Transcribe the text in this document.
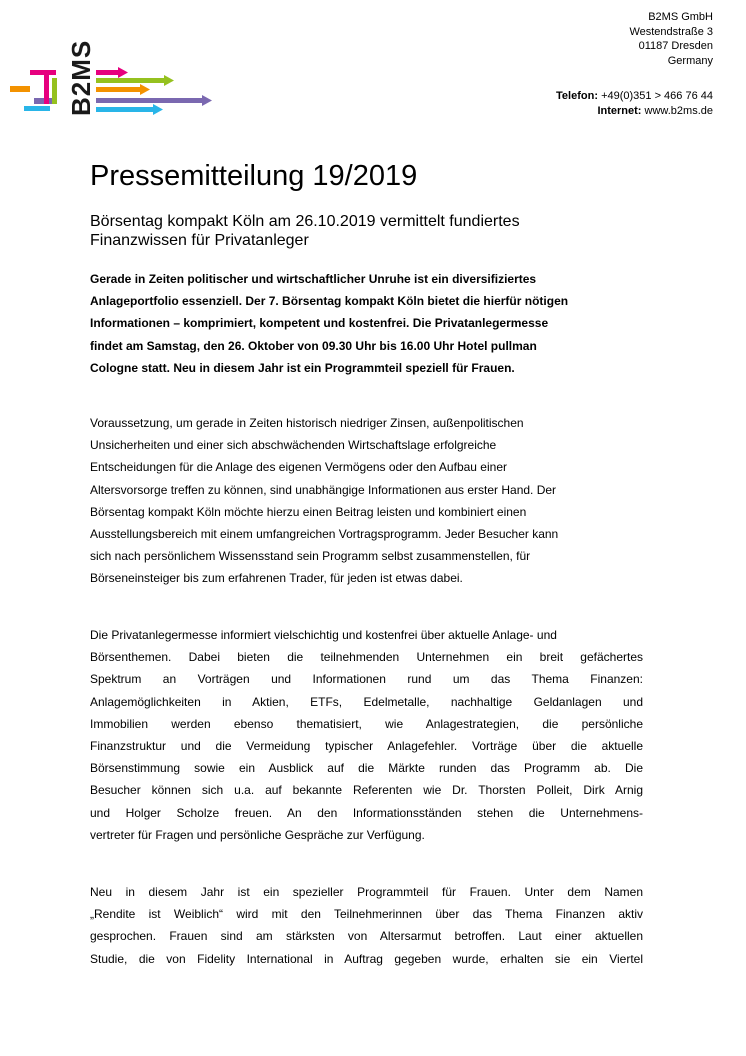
B2MS
B2MS GmbH
Westendstraße 3
01187 Dresden
Germany
Telefon: +49(0)351 > 466 76 44
Internet: www.b2ms.de
Pressemitteilung 19/2019
Börsentag kompakt Köln am 26.10.2019 vermittelt fundiertes
Finanzwissen für Privatanleger

Gerade in Zeiten politischer und wirtschaftlicher Unruhe ist ein diversifiziertes
Anlageportfolio essenziell. Der 7. Börsentag kompakt Köln bietet die hierfür nötigen
Informationen – komprimiert, kompetent und kostenfrei. Die Privatanlegermesse
findet am Samstag, den 26. Oktober von 09.30 Uhr bis 16.00 Uhr Hotel pullman
Cologne statt. Neu in diesem Jahr ist ein Programmteil speziell für Frauen.

Voraussetzung, um gerade in Zeiten historisch niedriger Zinsen, außenpolitischen
Unsicherheiten und einer sich abschwächenden Wirtschaftslage erfolgreiche
Entscheidungen für die Anlage des eigenen Vermögens oder den Aufbau einer
Altersvorsorge treffen zu können, sind unabhängige Informationen aus erster Hand. Der
Börsentag kompakt Köln möchte hierzu einen Beitrag leisten und kombiniert einen
Ausstellungsbereich mit einem umfangreichen Vortragsprogramm. Jeder Besucher kann
sich nach persönlichem Wissensstand sein Programm selbst zusammenstellen, für
Börseneinsteiger bis zum erfahrenen Trader, für jeden ist etwas dabei.

Die Privatanlegermesse informiert vielschichtig und kostenfrei über aktuelle Anlage- und
Börsenthemen. Dabei bieten die teilnehmenden Unternehmen ein breit gefächertes
Spektrum an Vorträgen und Informationen rund um das Thema Finanzen:
Anlagemöglichkeiten in Aktien, ETFs, Edelmetalle, nachhaltige Geldanlagen und
Immobilien werden ebenso thematisiert, wie Anlagestrategien, die persönliche
Finanzstruktur und die Vermeidung typischer Anlagefehler. Vorträge über die aktuelle
Börsenstimmung sowie ein Ausblick auf die Märkte runden das Programm ab. Die
Besucher können sich u.a. auf bekannte Referenten wie Dr. Thorsten Polleit, Dirk Arnig
und Holger Scholze freuen. An den Informationsständen stehen die Unternehmens-
vertreter für Fragen und persönliche Gespräche zur Verfügung.

Neu in diesem Jahr ist ein spezieller Programmteil für Frauen. Unter dem Namen
„Rendite ist Weiblich“ wird mit den Teilnehmerinnen über das Thema Finanzen aktiv
gesprochen. Frauen sind am stärksten von Altersarmut betroffen. Laut einer aktuellen
Studie, die von Fidelity International in Auftrag gegeben wurde, erhalten sie ein Viertel
